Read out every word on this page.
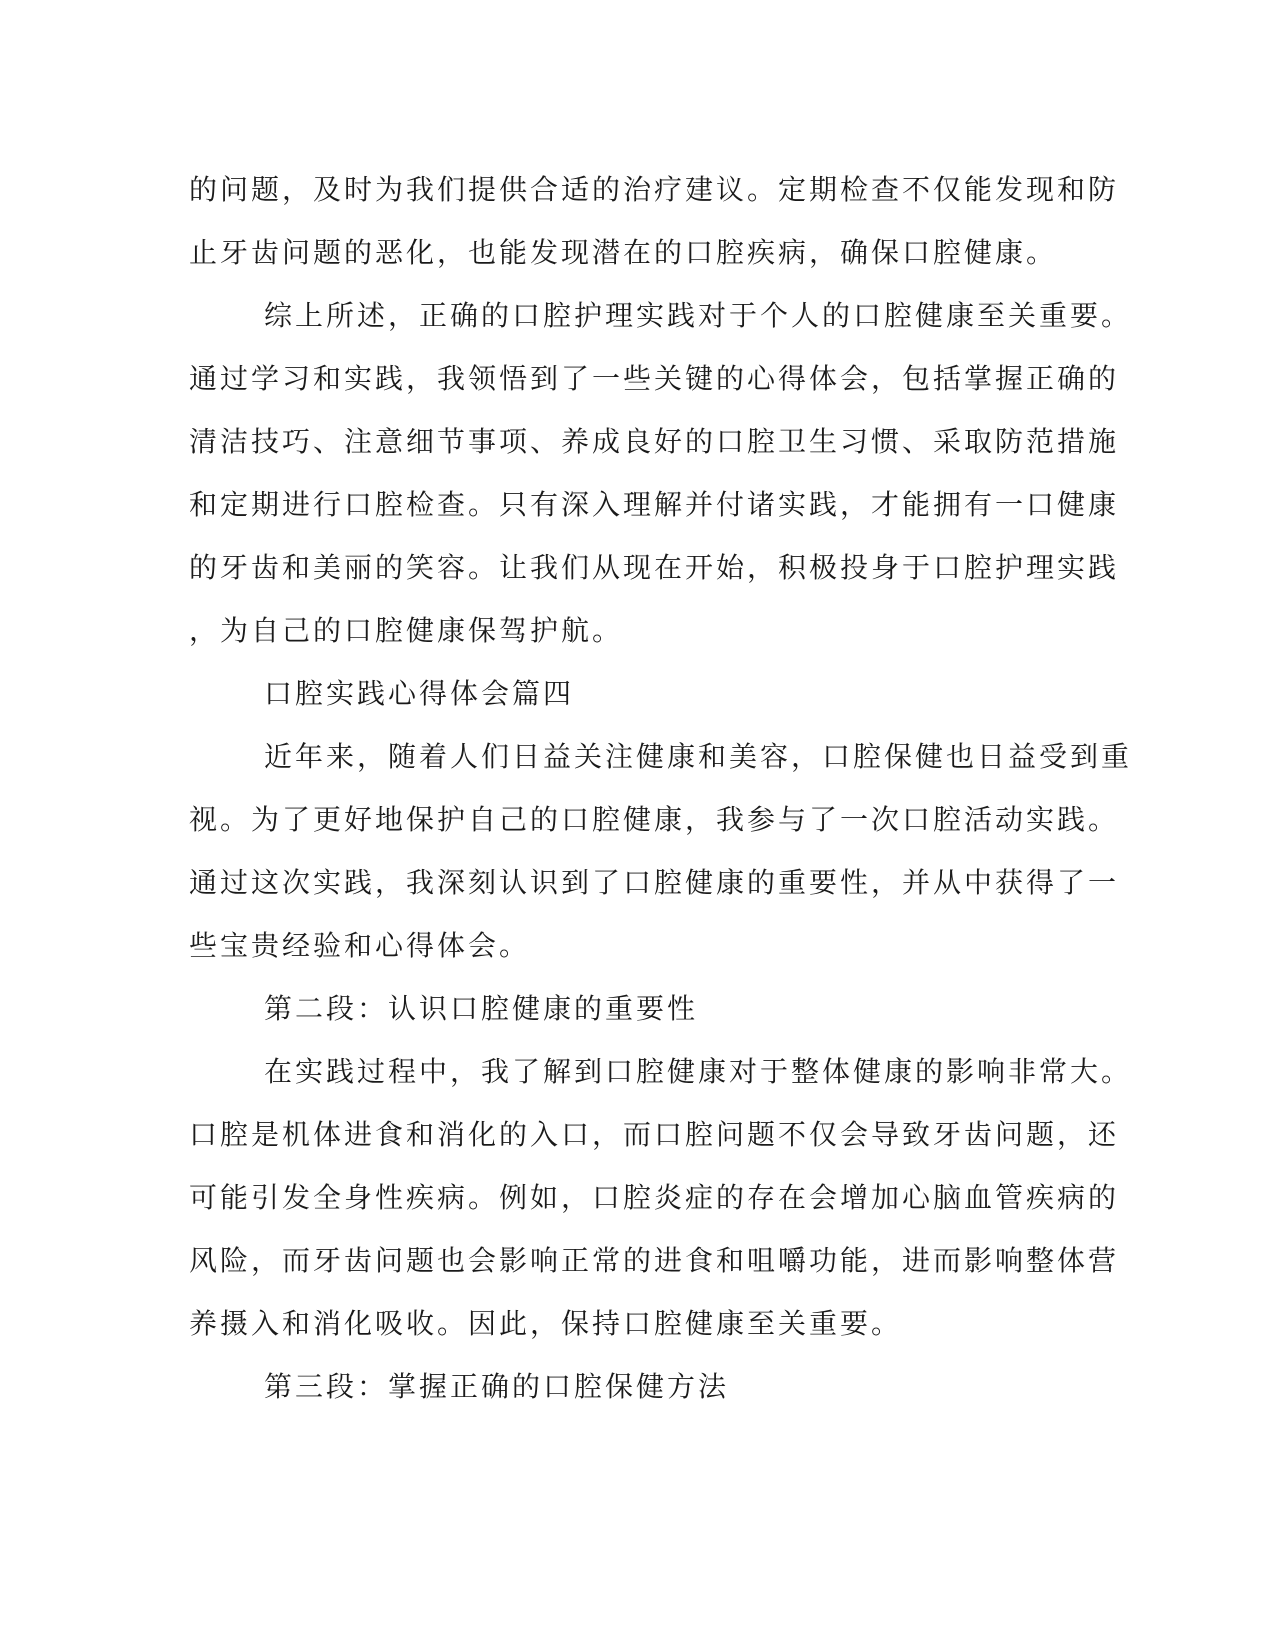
的问题，及时为我们提供合适的治疗建议。定期检查不仅能发现和防

止牙齿问题的恶化，也能发现潜在的口腔疾病，确保口腔健康。

综上所述，正确的口腔护理实践对于个人的口腔健康至关重要。

通过学习和实践，我领悟到了一些关键的心得体会，包括掌握正确的

清洁技巧、注意细节事项、养成良好的口腔卫生习惯、采取防范措施

和定期进行口腔检查。只有深入理解并付诸实践，才能拥有一口健康

的牙齿和美丽的笑容。让我们从现在开始，积极投身于口腔护理实践

，为自己的口腔健康保驾护航。

口腔实践心得体会篇四

近年来，随着人们日益关注健康和美容，口腔保健也日益受到重

视。为了更好地保护自己的口腔健康，我参与了一次口腔活动实践。

通过这次实践，我深刻认识到了口腔健康的重要性，并从中获得了一

些宝贵经验和心得体会。

第二段：认识口腔健康的重要性

在实践过程中，我了解到口腔健康对于整体健康的影响非常大。

口腔是机体进食和消化的入口，而口腔问题不仅会导致牙齿问题，还

可能引发全身性疾病。例如，口腔炎症的存在会增加心脑血管疾病的

风险，而牙齿问题也会影响正常的进食和咀嚼功能，进而影响整体营

养摄入和消化吸收。因此，保持口腔健康至关重要。

第三段：掌握正确的口腔保健方法
